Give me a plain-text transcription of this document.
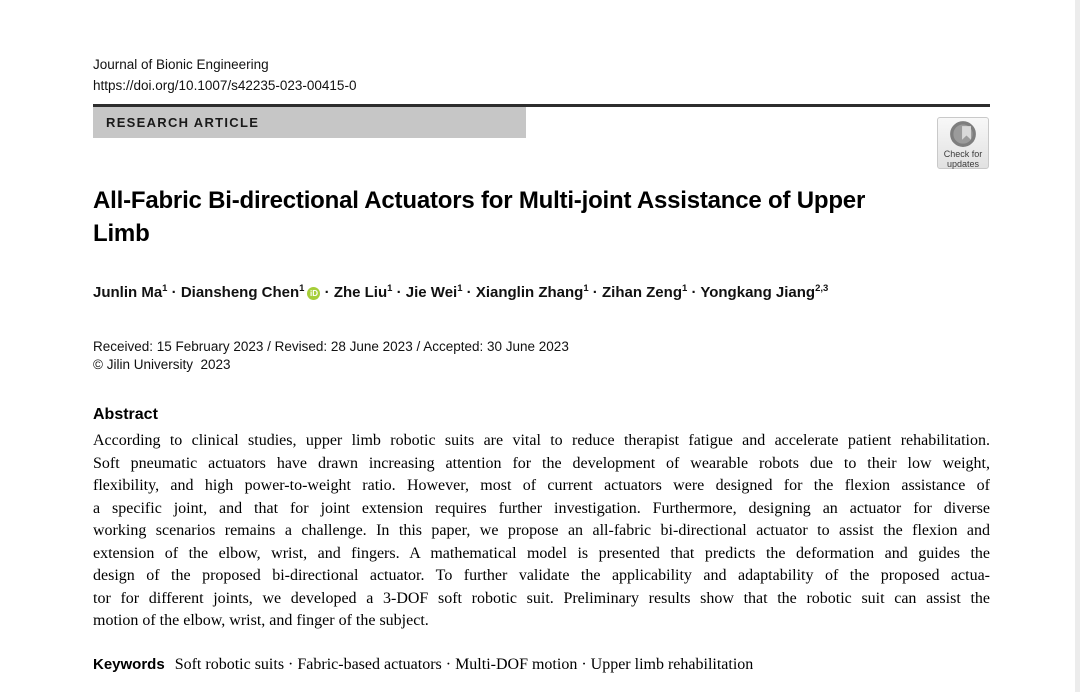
Journal of Bionic Engineering
https://doi.org/10.1007/s42235-023-00415-0
RESEARCH ARTICLE
Check for
updates
All-Fabric Bi-directional Actuators for Multi-joint Assistance of Upper
Limb
Junlin $Ma^1$ · Diansheng Chen$^1$ iD · Zhe Liu$^1$ · Jie Wei$^1$ · Xianglin Zhang$^1$ · Zihan Zeng$^1$ · Yongkang Jiang$^{2,3}$
Received: 15 February 2023 / Revised: 28 June 2023 / Accepted: 30 June 2023
© Jilin University  2023
Abstract
According to clinical studies, upper limb robotic suits are vital to reduce therapist fatigue and accelerate patient rehabilitation.
Soft pneumatic actuators have drawn increasing attention for the development of wearable robots due to their low weight,
flexibility, and high power-to-weight ratio. However, most of current actuators were designed for the flexion assistance of
a specific joint, and that for joint extension requires further investigation. Furthermore, designing an actuator for diverse
working scenarios remains a challenge. In this paper, we propose an all-fabric bi-directional actuator to assist the flexion and
extension of the elbow, wrist, and fingers. A mathematical model is presented that predicts the deformation and guides the
design of the proposed bi-directional actuator. To further validate the applicability and adaptability of the proposed actua-
tor for different joints, we developed a 3-DOF soft robotic suit. Preliminary results show that the robotic suit can assist the
motion of the elbow, wrist, and finger of the subject.
Keywords Soft robotic suits · Fabric-based actuators · Multi-DOF motion · Upper limb rehabilitation
